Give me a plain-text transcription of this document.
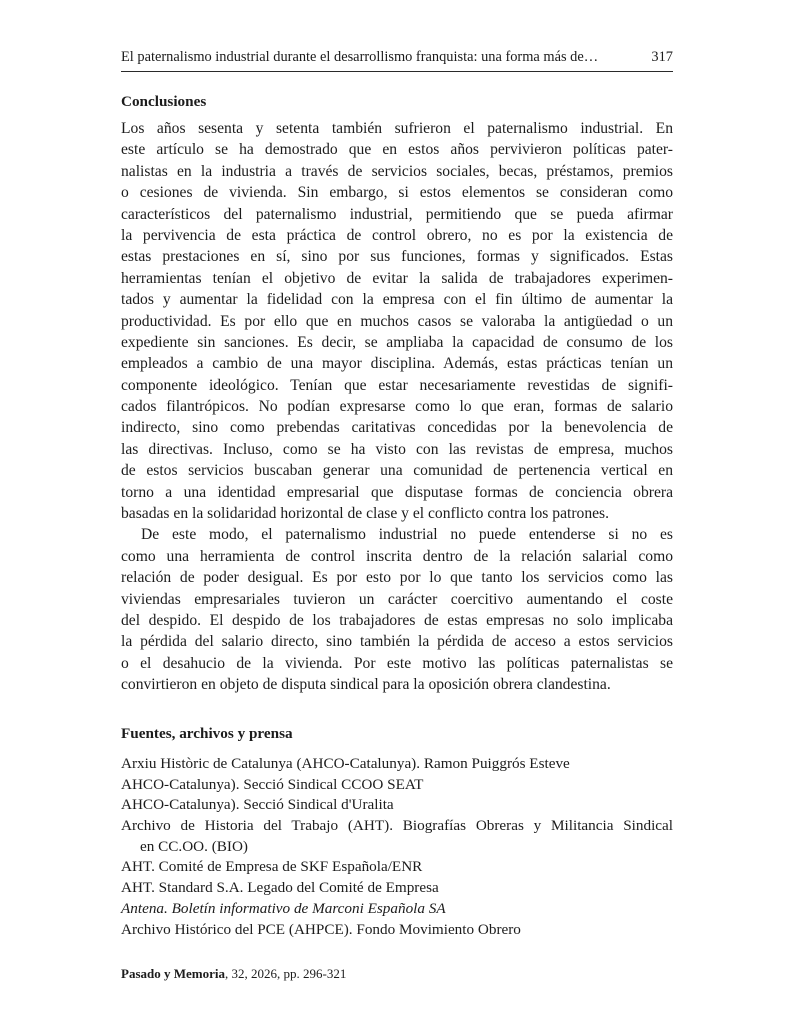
El paternalismo industrial durante el desarrollismo franquista: una forma más de…	317
Conclusiones
Los años sesenta y setenta también sufrieron el paternalismo industrial. En
este artículo se ha demostrado que en estos años pervivieron políticas pater-
nalistas en la industria a través de servicios sociales, becas, préstamos, premios
o cesiones de vivienda. Sin embargo, si estos elementos se consideran como
característicos del paternalismo industrial, permitiendo que se pueda afirmar
la pervivencia de esta práctica de control obrero, no es por la existencia de
estas prestaciones en sí, sino por sus funciones, formas y significados. Estas
herramientas tenían el objetivo de evitar la salida de trabajadores experimen-
tados y aumentar la fidelidad con la empresa con el fin último de aumentar la
productividad. Es por ello que en muchos casos se valoraba la antigüedad o un
expediente sin sanciones. Es decir, se ampliaba la capacidad de consumo de los
empleados a cambio de una mayor disciplina. Además, estas prácticas tenían un
componente ideológico. Tenían que estar necesariamente revestidas de signifi-
cados filantrópicos. No podían expresarse como lo que eran, formas de salario
indirecto, sino como prebendas caritativas concedidas por la benevolencia de
las directivas. Incluso, como se ha visto con las revistas de empresa, muchos
de estos servicios buscaban generar una comunidad de pertenencia vertical en
torno a una identidad empresarial que disputase formas de conciencia obrera
basadas en la solidaridad horizontal de clase y el conflicto contra los patrones.
De este modo, el paternalismo industrial no puede entenderse si no es
como una herramienta de control inscrita dentro de la relación salarial como
relación de poder desigual. Es por esto por lo que tanto los servicios como las
viviendas empresariales tuvieron un carácter coercitivo aumentando el coste
del despido. El despido de los trabajadores de estas empresas no solo implicaba
la pérdida del salario directo, sino también la pérdida de acceso a estos servicios
o el desahucio de la vivienda. Por este motivo las políticas paternalistas se
convirtieron en objeto de disputa sindical para la oposición obrera clandestina.
Fuentes, archivos y prensa
Arxiu Històric de Catalunya (AHCO-Catalunya). Ramon Puiggrós Esteve
AHCO-Catalunya). Secció Sindical CCOO SEAT
AHCO-Catalunya). Secció Sindical d'Uralita
Archivo de Historia del Trabajo (AHT). Biografías Obreras y Militancia Sindical
en CC.OO. (BIO)
AHT. Comité de Empresa de SKF Española/ENR
AHT. Standard S.A. Legado del Comité de Empresa
Antena. Boletín informativo de Marconi Española SA
Archivo Histórico del PCE (AHPCE). Fondo Movimiento Obrero
Pasado y Memoria, 32, 2026, pp. 296-321
